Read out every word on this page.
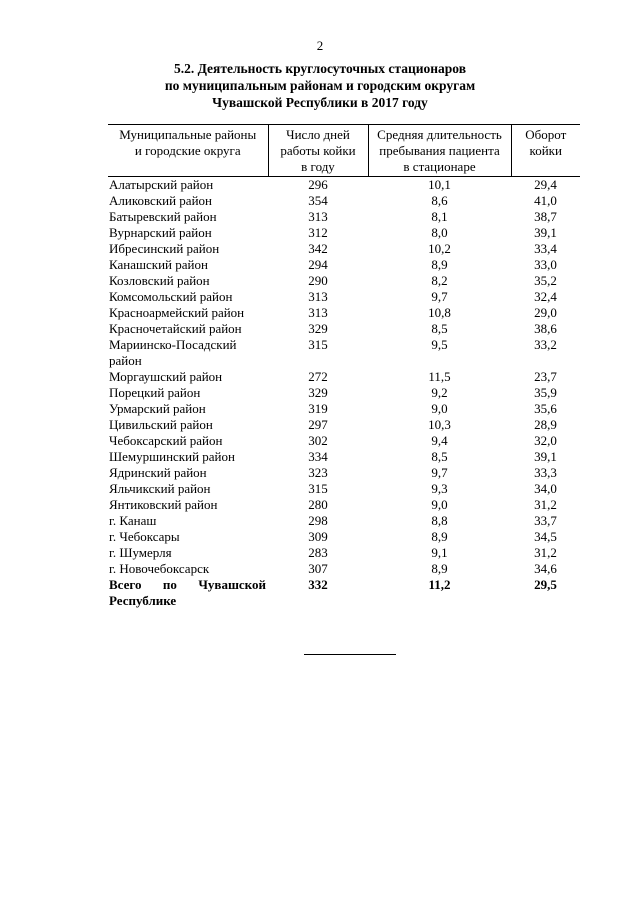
2
5.2. Деятельность круглосуточных стационаров
по муниципальным районам и городским округам
Чувашской Республики в 2017 году
Муниципальные районы
и городские округа	Число дней
работы койки
в году	Средняя длительность
пребывания пациента
в стационаре	Оборот
койки

Алатырский район	296	10,1	29,4
Аликовский район	354	8,6	41,0
Батыревский район	313	8,1	38,7
Вурнарский район	312	8,0	39,1
Ибресинский район	342	10,2	33,4
Канашский район	294	8,9	33,0
Козловский район	290	8,2	35,2
Комсомольский район	313	9,7	32,4
Красноармейский район	313	10,8	29,0
Красночетайский район	329	8,5	38,6
Мариинско-Посадский район	315	9,5	33,2
Моргаушский район	272	11,5	23,7
Порецкий район	329	9,2	35,9
Урмарский район	319	9,0	35,6
Цивильский район	297	10,3	28,9
Чебоксарский район	302	9,4	32,0
Шемуршинский район	334	8,5	39,1
Ядринский район	323	9,7	33,3
Яльчикский район	315	9,3	34,0
Янтиковский район	280	9,0	31,2
г. Канаш	298	8,8	33,7
г. Чебоксары	309	8,9	34,5
г. Шумерля	283	9,1	31,2
г. Новочебоксарск	307	8,9	34,6

Всего по Чувашской
Республике	332	11,2	29,5
